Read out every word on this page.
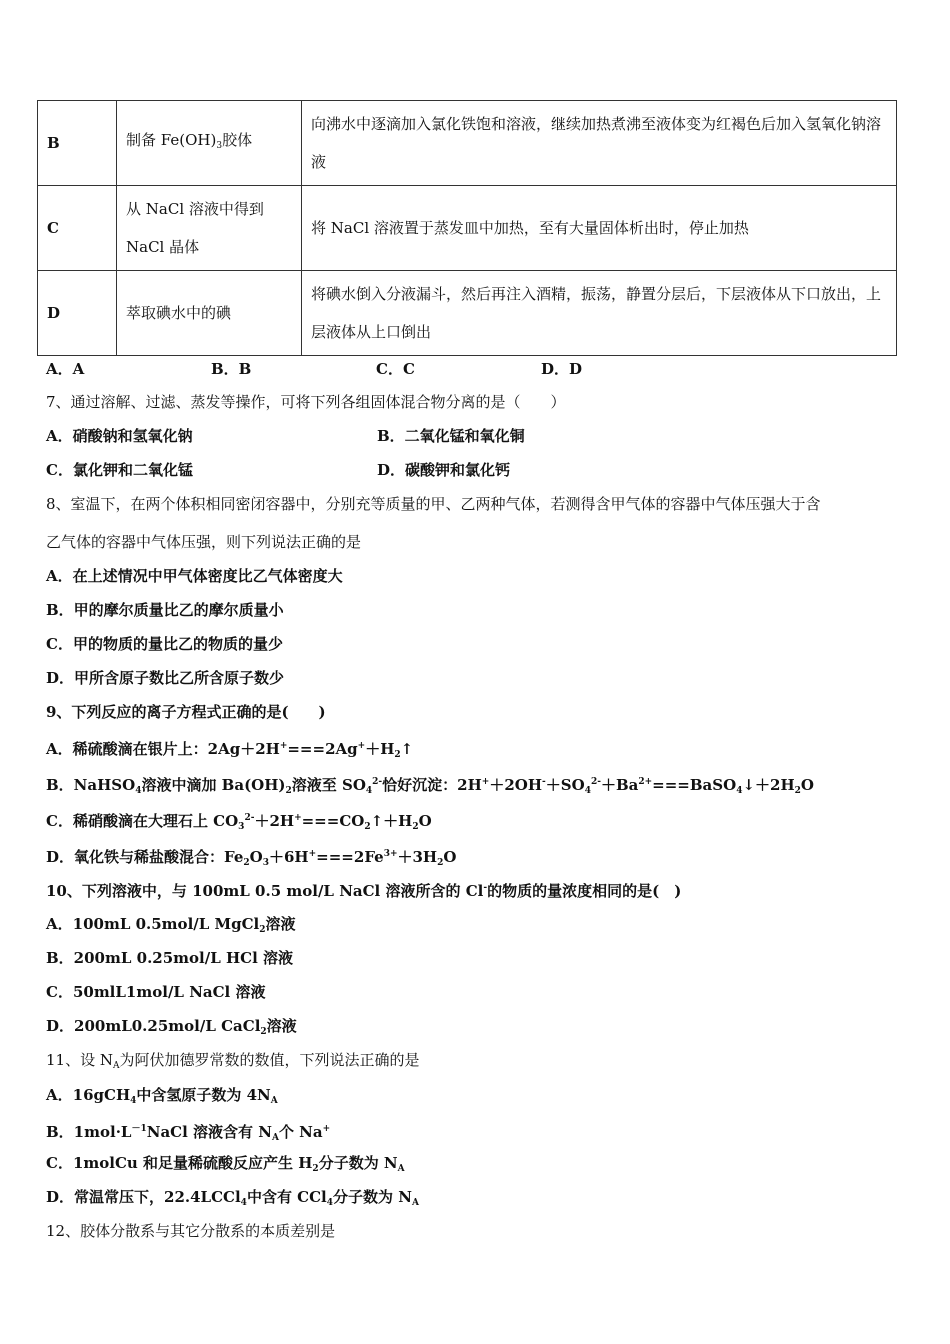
B	制备 $Fe(OH)_3$胶体	向沸水中逐滴加入氯化铁饱和溶液，继续加热煮沸至液体变为红褐色后加入氢氧化钠溶液
C	从 NaCl 溶液中得到 NaCl 晶体	将 NaCl 溶液置于蒸发皿中加热，至有大量固体析出时，停止加热
D	萃取碘水中的碘	将碘水倒入分液漏斗，然后再注入酒精，振荡，静置分层后，下层液体从下口放出，上层液体从上口倒出
A．A	B．B	C．C	D．D
7、通过溶解、过滤、蒸发等操作，可将下列各组固体混合物分离的是（　　）
A．硝酸钠和氢氧化钠	B．二氧化锰和氧化铜
C．氯化钾和二氧化锰	D．碳酸钾和氯化钙
8、室温下，在两个体积相同密闭容器中，分别充等质量的甲、乙两种气体，若测得含甲气体的容器中气体压强大于含
乙气体的容器中气体压强，则下列说法正确的是
A．在上述情况中甲气体密度比乙气体密度大
B．甲的摩尔质量比乙的摩尔质量小
C．甲的物质的量比乙的物质的量少
D．甲所含原子数比乙所含原子数少
9、下列反应的离子方程式正确的是(　　)
A．稀硫酸滴在银片上：$2Ag+2H^+===2Ag^++H_2↑$
B．NaHSO$_4$溶液中滴加 $Ba(OH)_2$溶液至 $SO_4^{2-}$恰好沉淀：$2H^++2OH^-+SO_4^{2-}+Ba^{2+}===BaSO_4↓+2H_2O$
C．稀硝酸滴在大理石上 $CO_3^{2-}+2H^+===CO_2↑+H_2O$
D．氧化铁与稀盐酸混合：$Fe_2O_3+6H^+===2Fe^{3+}+3H_2O$
10、下列溶液中，与 100mL 0.5 mol/L NaCl 溶液所含的 Cl-的物质的量浓度相同的是(　)
A．100mL 0.5mol/L MgCl$_2$溶液
B．200mL 0.25mol/L HCl 溶液
C．50mlL1mol/L NaCl 溶液
D．200mL0.25mol/L CaCl$_2$溶液
11、设 $N_A$为阿伏加德罗常数的数值，下列说法正确的是
A．16gCH$_4$中含氢原子数为 $4N_A$
B．$1mol\cdot L^{-1}NaCl$ 溶液含有 $N_A$个 Na+
C．1molCu 和足量稀硫酸反应产生 $H_2$分子数为 $N_A$
D．常温常压下，22.4LCCl$_4$中含有 CCl$_4$分子数为 $N_A$
12、胶体分散系与其它分散系的本质差别是
